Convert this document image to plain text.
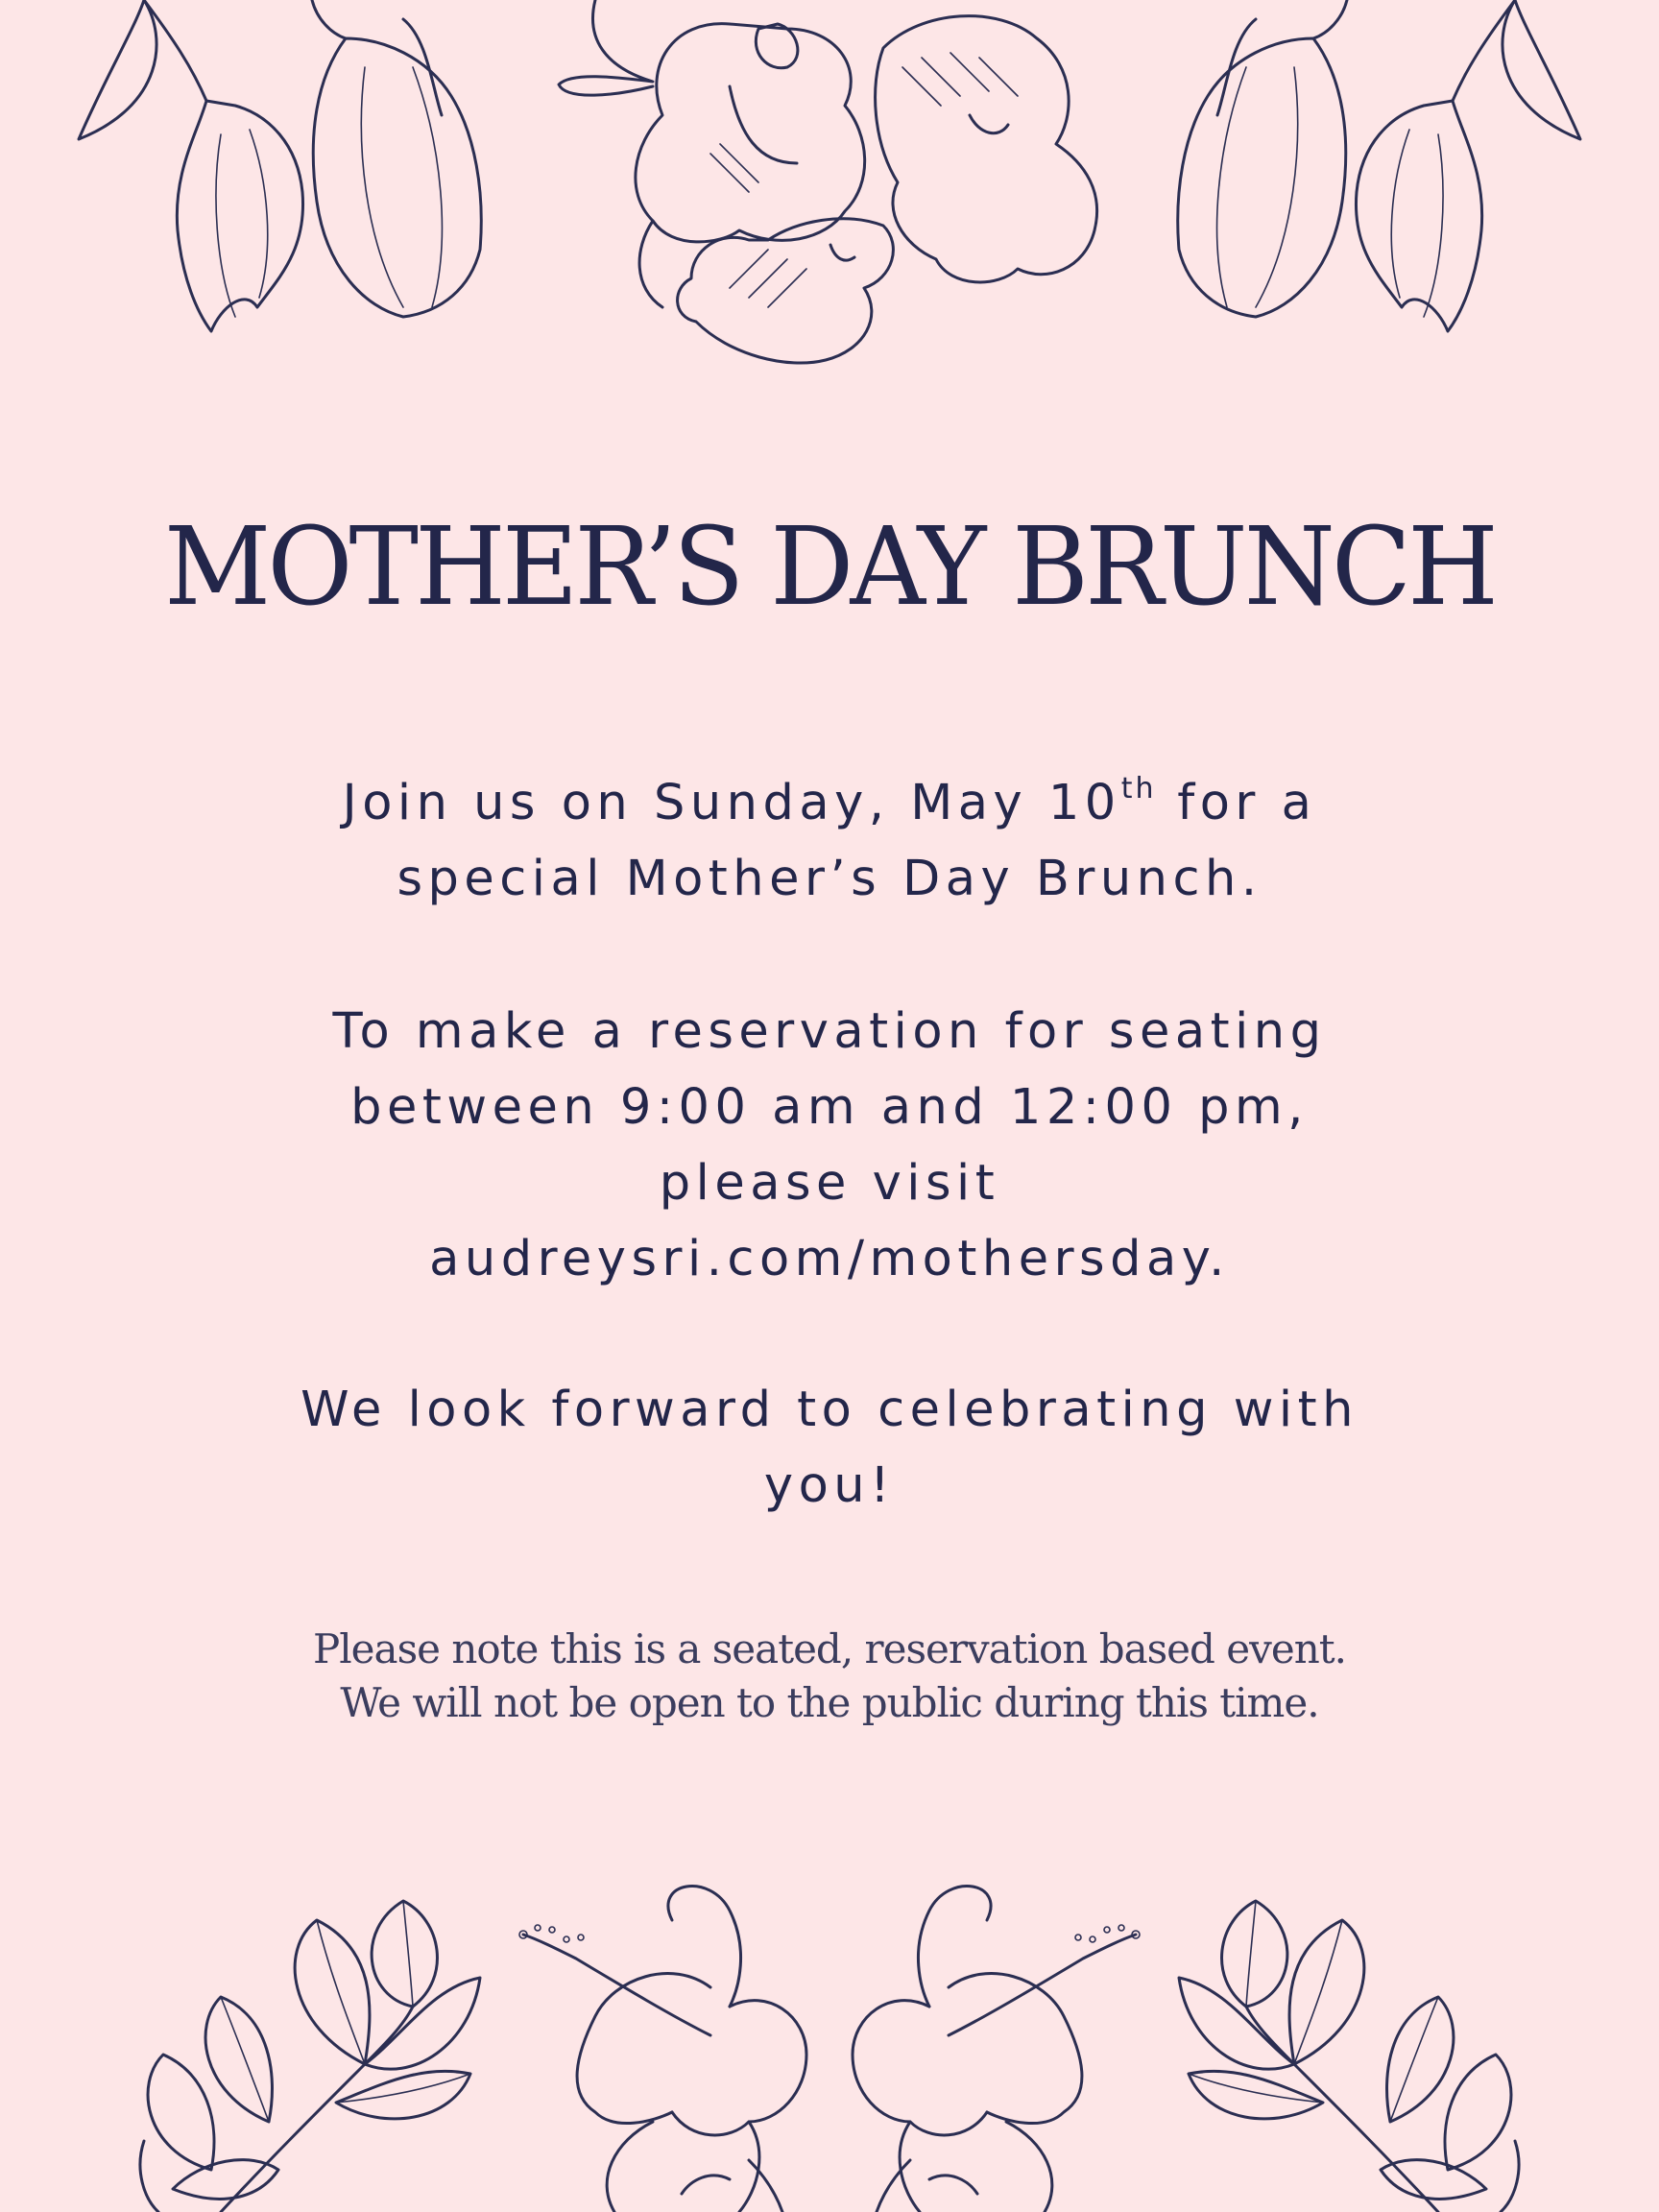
MOTHER’S DAY BRUNCH
Join us on Sunday, May 10th for a
special Mother’s Day Brunch.
To make a reservation for seating
between 9:00 am and 12:00 pm,
please visit
audreysri.com/mothersday.
We look forward to celebrating with
you!
Please note this is a seated, reservation based event.
We will not be open to the public during this time.
